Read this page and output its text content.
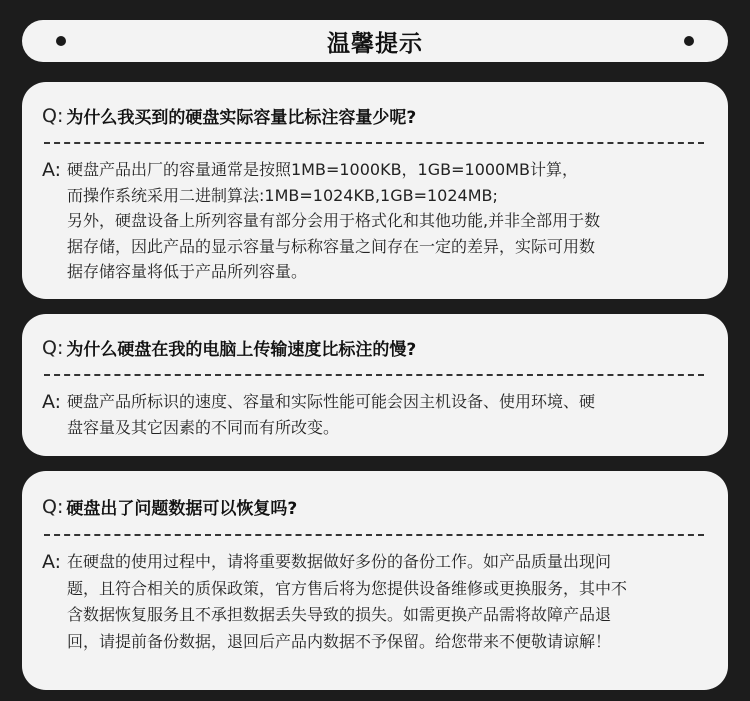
温馨提示
Q: 为什么我买到的硬盘实际容量比标注容量少呢?
A: 硬盘产品出厂的容量通常是按照1MB=1000KB，1GB=1000MB计算，
而操作系统采用二进制算法:1MB=1024KB,1GB=1024MB;
另外，硬盘设备上所列容量有部分会用于格式化和其他功能,并非全部用于数
据存储，因此产品的显示容量与标称容量之间存在一定的差异，实际可用数
据存储容量将低于产品所列容量。
Q: 为什么硬盘在我的电脑上传输速度比标注的慢?
A: 硬盘产品所标识的速度、容量和实际性能可能会因主机设备、使用环境、硬
盘容量及其它因素的不同而有所改变。
Q: 硬盘出了问题数据可以恢复吗?
A: 在硬盘的使用过程中，请将重要数据做好多份的备份工作。如产品质量出现问
题，且符合相关的质保政策，官方售后将为您提供设备维修或更换服务，其中不
含数据恢复服务且不承担数据丢失导致的损失。如需更换产品需将故障产品退
回，请提前备份数据，退回后产品内数据不予保留。给您带来不便敬请谅解！
